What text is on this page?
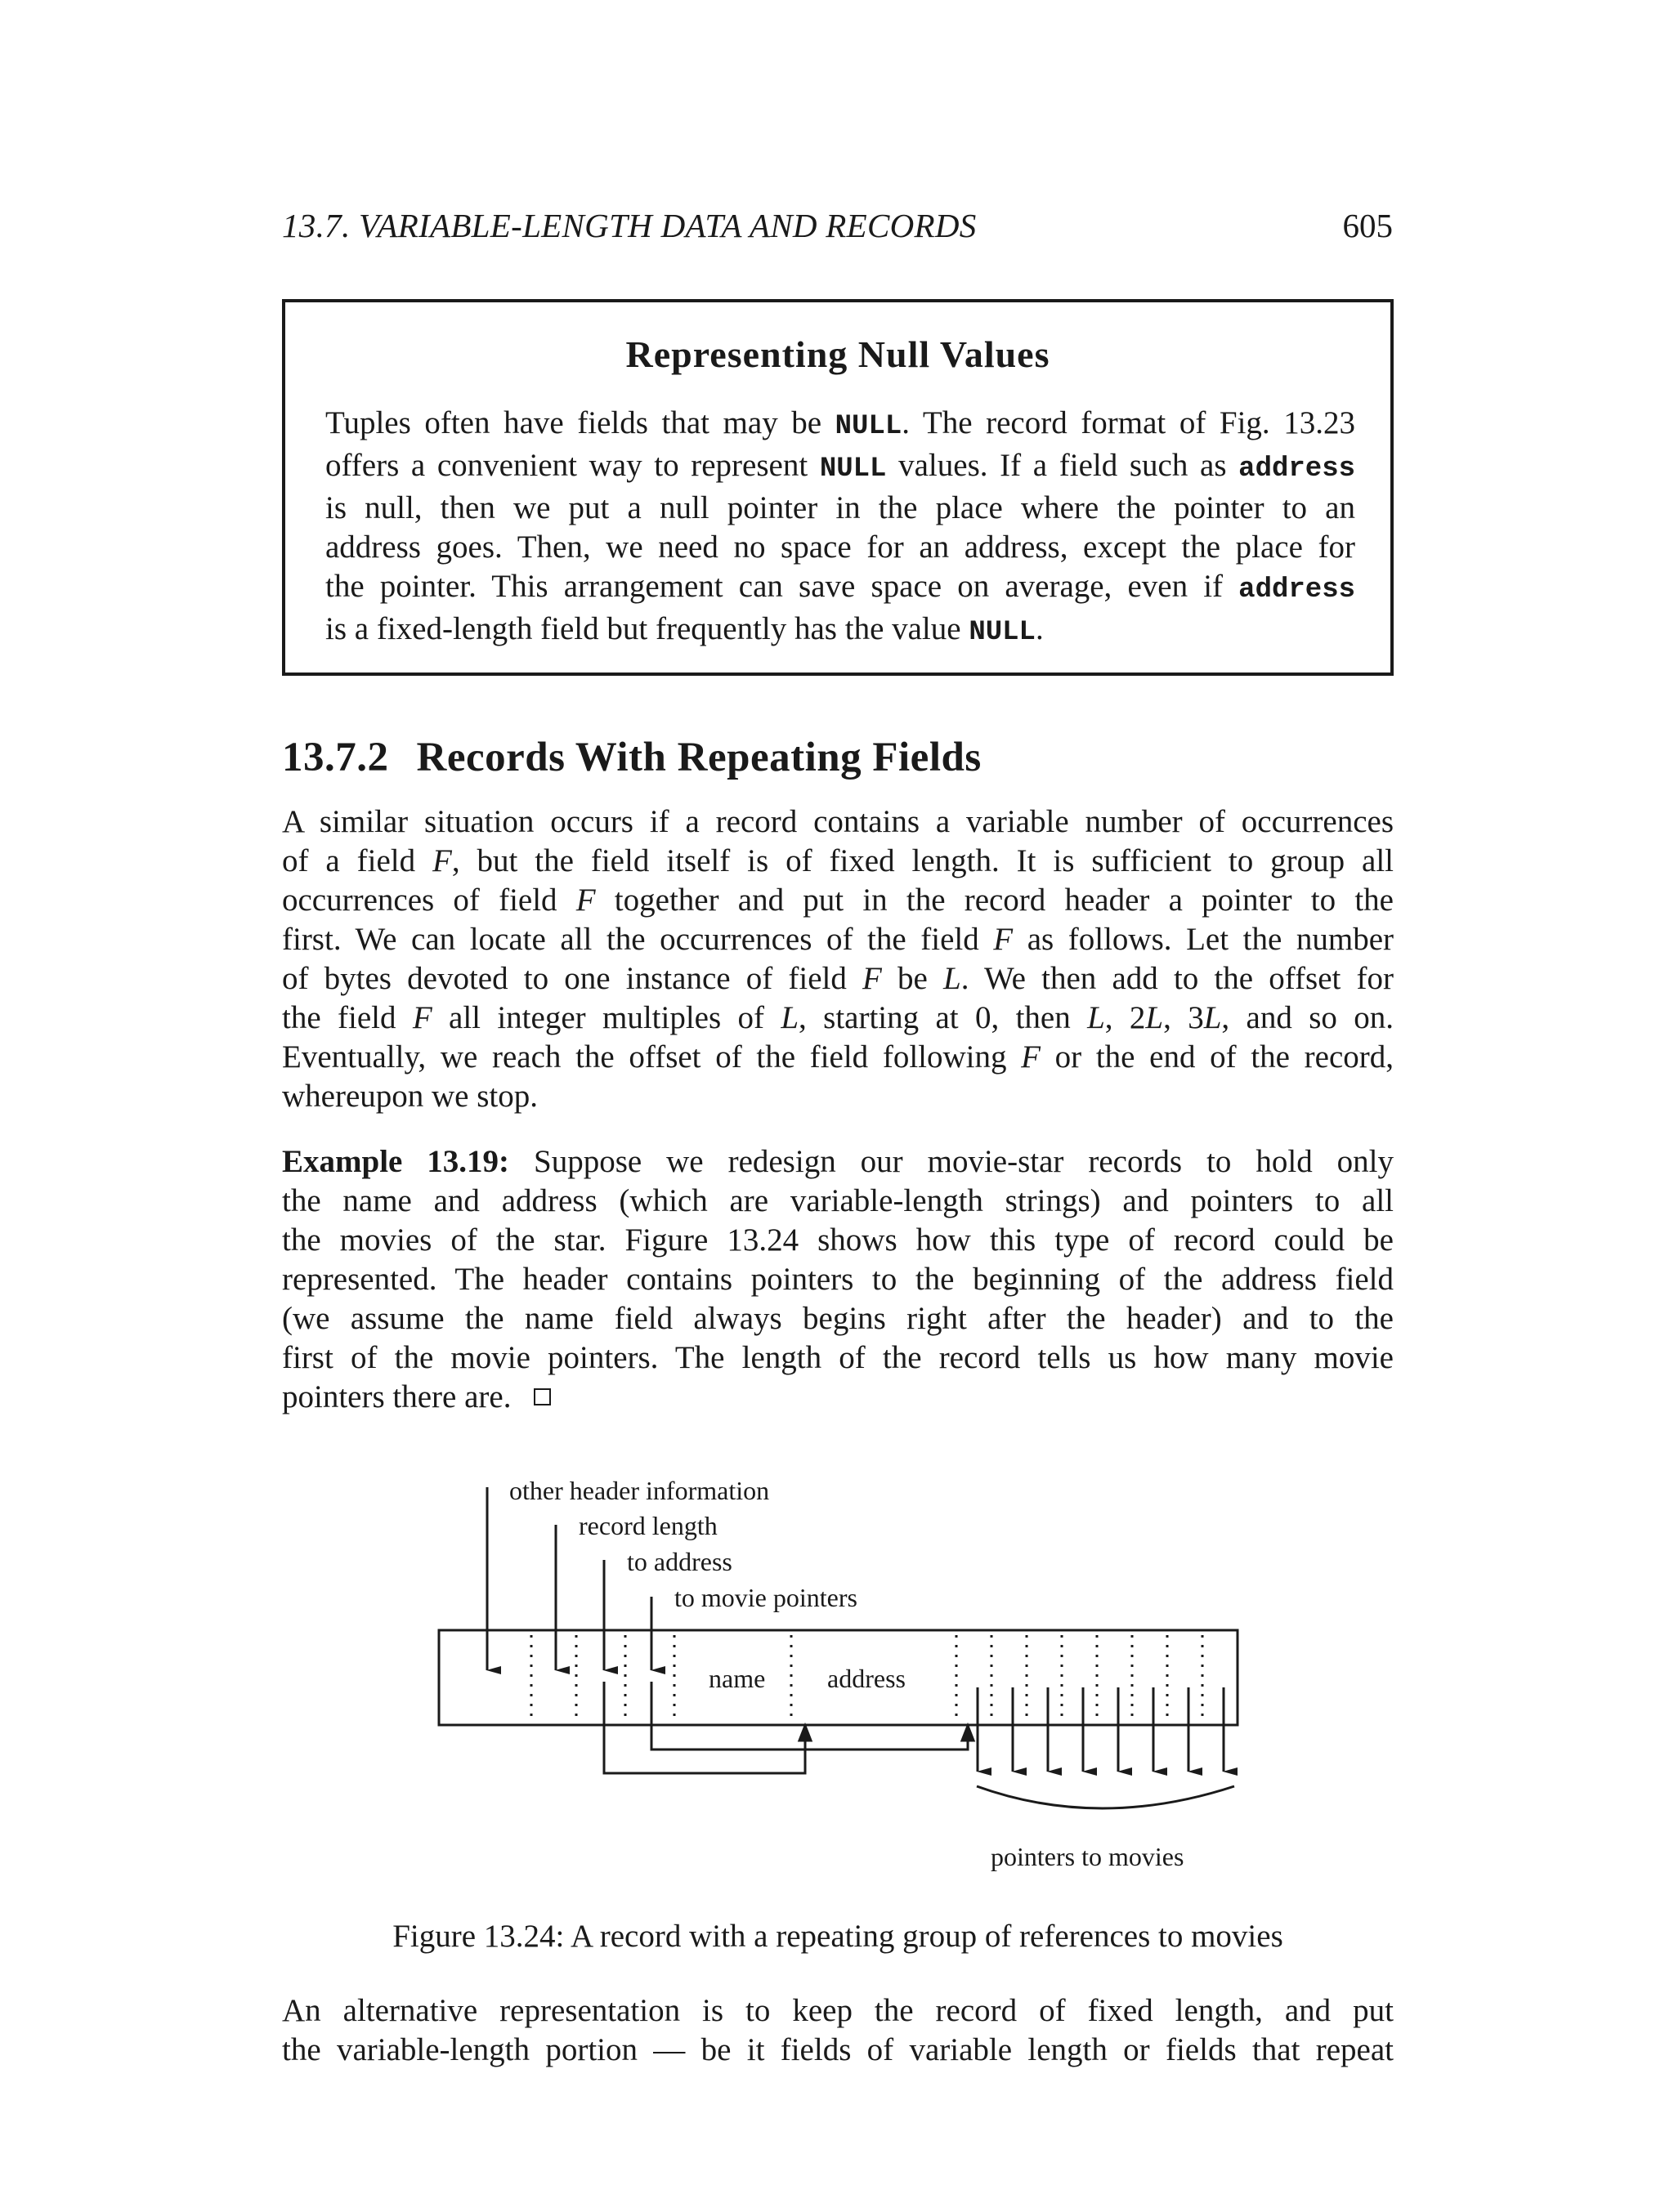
13.7. VARIABLE-LENGTH DATA AND RECORDS	605
Representing Null Values
Tuples often have fields that may be NULL. The record format of Fig. 13.23
offers a convenient way to represent NULL values. If a field such as address
is null, then we put a null pointer in the place where the pointer to an
address goes. Then, we need no space for an address, except the place for
the pointer. This arrangement can save space on average, even if address
is a fixed-length field but frequently has the value NULL.
13.7.2 Records With Repeating Fields
A similar situation occurs if a record contains a variable number of occurrences
of a field F, but the field itself is of fixed length. It is sufficient to group all
occurrences of field F together and put in the record header a pointer to the
first. We can locate all the occurrences of the field F as follows. Let the number
of bytes devoted to one instance of field F be L. We then add to the offset for
the field F all integer multiples of L, starting at 0, then L, 2L, 3L, and so on.
Eventually, we reach the offset of the field following F or the end of the record,
whereupon we stop.
Example 13.19: Suppose we redesign our movie-star records to hold only
the name and address (which are variable-length strings) and pointers to all
the movies of the star. Figure 13.24 shows how this type of record could be
represented. The header contains pointers to the beginning of the address field
(we assume the name field always begins right after the header) and to the
first of the movie pointers. The length of the record tells us how many movie
pointers there are.
other header information
record length
to address
to movie pointers
name address
pointers to movies
Figure 13.24: A record with a repeating group of references to movies
An alternative representation is to keep the record of fixed length, and put
the variable-length portion — be it fields of variable length or fields that repeat
